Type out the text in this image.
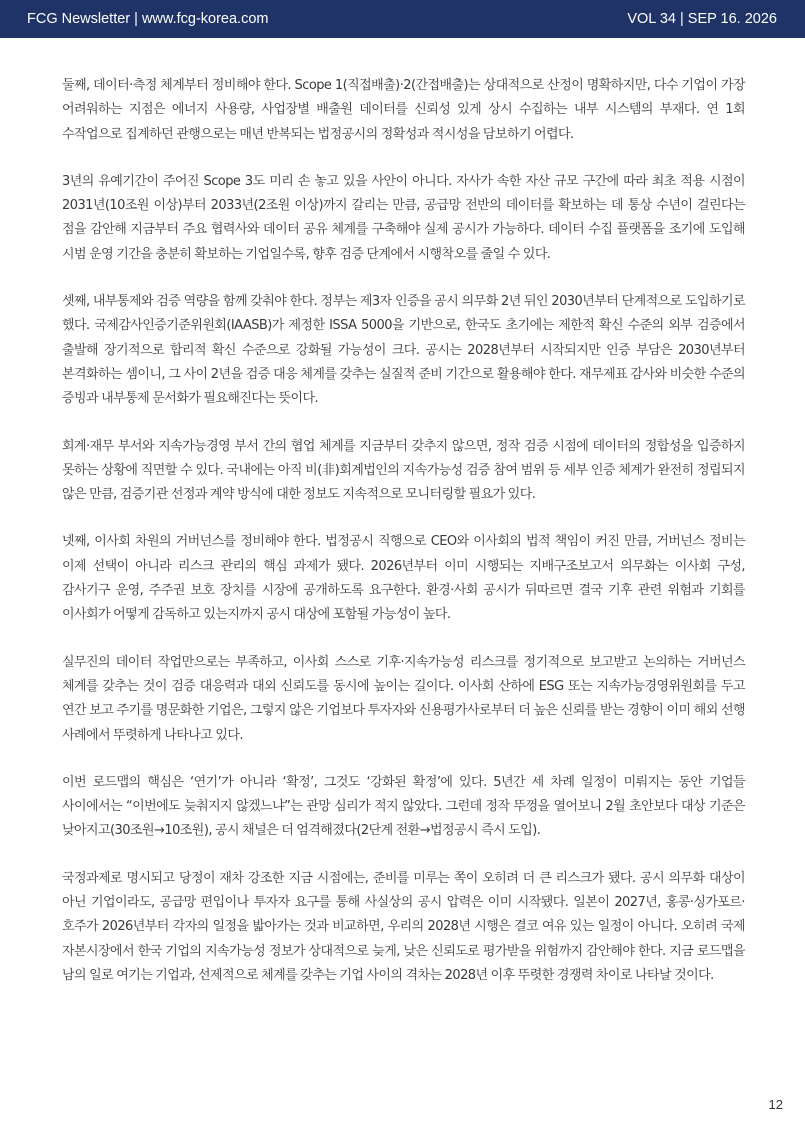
FCG Newsletter | www.fcg-korea.com	VOL 34 | SEP 16. 2026

둘째, 데이터·측정 체계부터 정비해야 한다. Scope 1(직접배출)·2(간접배출)는 상대적으로 산정이 명확하지만, 다수 기업이 가장 어려워하는 지점은 에너지 사용량, 사업장별 배출원 데이터를 신뢰성 있게 상시 수집하는 내부 시스템의 부재다. 연 1회 수작업으로 집계하던 관행으로는 매년 반복되는 법정공시의 정확성과 적시성을 담보하기 어렵다.

3년의 유예기간이 주어진 Scope 3도 미리 손 놓고 있을 사안이 아니다. 자사가 속한 자산 규모 구간에 따라 최초 적용 시점이 2031년(10조원 이상)부터 2033년(2조원 이상)까지 갈리는 만큼, 공급망 전반의 데이터를 확보하는 데 통상 수년이 걸린다는 점을 감안해 지금부터 주요 협력사와 데이터 공유 체계를 구축해야 실제 공시가 가능하다. 데이터 수집 플랫폼을 조기에 도입해 시범 운영 기간을 충분히 확보하는 기업일수록, 향후 검증 단계에서 시행착오를 줄일 수 있다.

셋째, 내부통제와 검증 역량을 함께 갖춰야 한다. 정부는 제3자 인증을 공시 의무화 2년 뒤인 2030년부터 단계적으로 도입하기로 했다. 국제감사인증기준위원회(IAASB)가 제정한 ISSA 5000을 기반으로, 한국도 초기에는 제한적 확신 수준의 외부 검증에서 출발해 장기적으로 합리적 확신 수준으로 강화될 가능성이 크다. 공시는 2028년부터 시작되지만 인증 부담은 2030년부터 본격화하는 셈이니, 그 사이 2년을 검증 대응 체계를 갖추는 실질적 준비 기간으로 활용해야 한다. 재무제표 감사와 비슷한 수준의 증빙과 내부통제 문서화가 필요해진다는 뜻이다.

회계·재무 부서와 지속가능경영 부서 간의 협업 체계를 지금부터 갖추지 않으면, 정작 검증 시점에 데이터의 정합성을 입증하지 못하는 상황에 직면할 수 있다. 국내에는 아직 비(非)회계법인의 지속가능성 검증 참여 범위 등 세부 인증 체계가 완전히 정립되지 않은 만큼, 검증기관 선정과 계약 방식에 대한 정보도 지속적으로 모니터링할 필요가 있다.

넷째, 이사회 차원의 거버넌스를 정비해야 한다. 법정공시 직행으로 CEO와 이사회의 법적 책임이 커진 만큼, 거버넌스 정비는 이제 선택이 아니라 리스크 관리의 핵심 과제가 됐다. 2026년부터 이미 시행되는 지배구조보고서 의무화는 이사회 구성, 감사기구 운영, 주주권 보호 장치를 시장에 공개하도록 요구한다. 환경·사회 공시가 뒤따르면 결국 기후 관련 위험과 기회를 이사회가 어떻게 감독하고 있는지까지 공시 대상에 포함될 가능성이 높다.

실무진의 데이터 작업만으로는 부족하고, 이사회 스스로 기후·지속가능성 리스크를 정기적으로 보고받고 논의하는 거버넌스 체계를 갖추는 것이 검증 대응력과 대외 신뢰도를 동시에 높이는 길이다. 이사회 산하에 ESG 또는 지속가능경영위원회를 두고 연간 보고 주기를 명문화한 기업은, 그렇지 않은 기업보다 투자자와 신용평가사로부터 더 높은 신뢰를 받는 경향이 이미 해외 선행 사례에서 뚜렷하게 나타나고 있다.

이번 로드맵의 핵심은 ‘연기’가 아니라 ‘확정’, 그것도 ‘강화된 확정’에 있다. 5년간 세 차례 일정이 미뤄지는 동안 기업들 사이에서는 “이번에도 늦춰지지 않겠느냐”는 관망 심리가 적지 않았다. 그런데 정작 뚜껑을 열어보니 2월 초안보다 대상 기준은 낮아지고(30조원→10조원), 공시 채널은 더 엄격해졌다(2단계 전환→법정공시 즉시 도입).

국정과제로 명시되고 당정이 재차 강조한 지금 시점에는, 준비를 미루는 쪽이 오히려 더 큰 리스크가 됐다. 공시 의무화 대상이 아닌 기업이라도, 공급망 편입이나 투자자 요구를 통해 사실상의 공시 압력은 이미 시작됐다. 일본이 2027년, 홍콩·싱가포르·호주가 2026년부터 각자의 일정을 밟아가는 것과 비교하면, 우리의 2028년 시행은 결코 여유 있는 일정이 아니다. 오히려 국제 자본시장에서 한국 기업의 지속가능성 정보가 상대적으로 늦게, 낮은 신뢰도로 평가받을 위험까지 감안해야 한다. 지금 로드맵을 남의 일로 여기는 기업과, 선제적으로 체계를 갖추는 기업 사이의 격차는 2028년 이후 뚜렷한 경쟁력 차이로 나타날 것이다.

12
